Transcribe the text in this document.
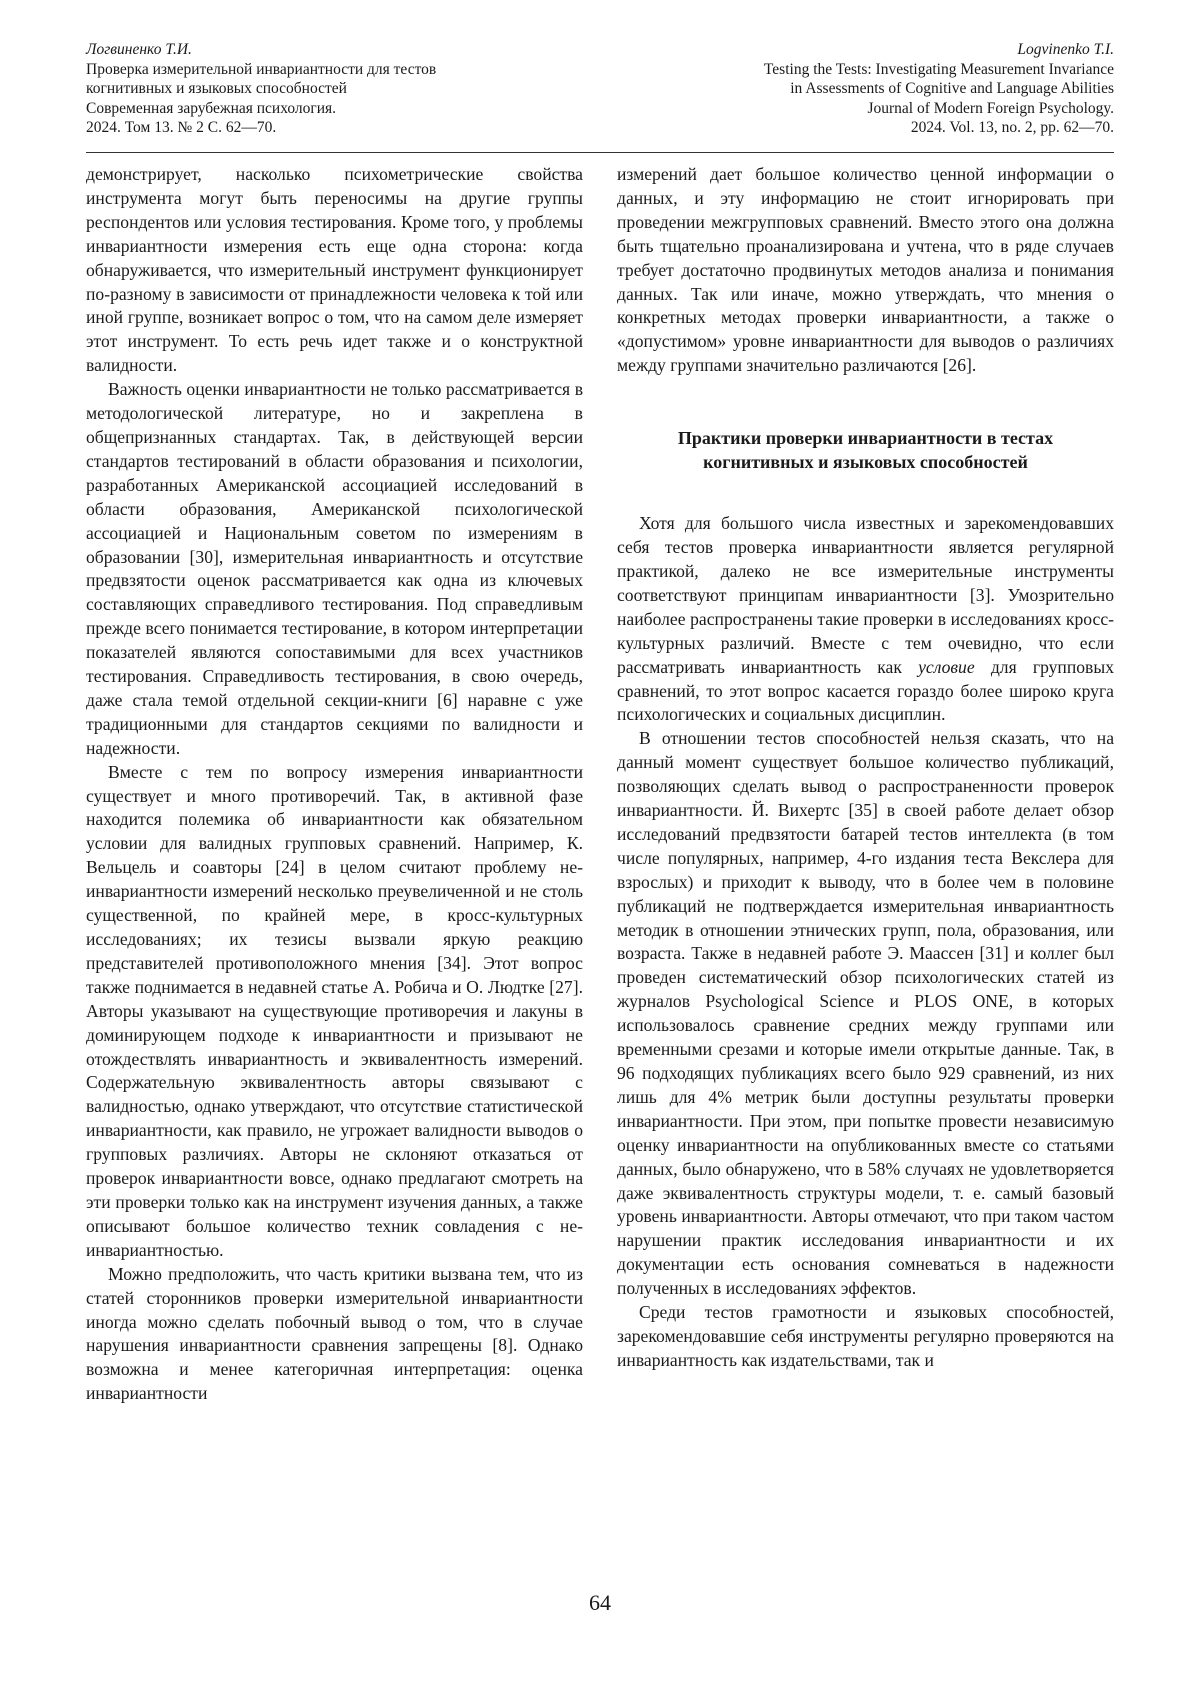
Логвиненко Т.И.
Проверка измерительной инвариантности для тестов
когнитивных и языковых способностей
Современная зарубежная психология.
2024. Том 13. № 2 С. 62—70.
Logvinenko T.I.
Testing the Tests: Investigating Measurement Invariance
in Assessments of Cognitive and Language Abilities
Journal of Modern Foreign Psychology.
2024. Vol. 13, no. 2, pp. 62—70.

демонстрирует, насколько психометрические свойства инструмента могут быть переносимы на другие группы респондентов или условия тестирования. Кроме того, у проблемы инвариантности измерения есть еще одна сторона: когда обнаруживается, что измерительный инструмент функционирует по-разному в зависимости от принадлежности человека к той или иной группе, возникает вопрос о том, что на самом деле измеряет этот инструмент. То есть речь идет также и о конструктной валидности.

Важность оценки инвариантности не только рассматривается в методологической литературе, но и закреплена в общепризнанных стандартах. Так, в действующей версии стандартов тестирований в области образования и психологии, разработанных Американской ассоциацией исследований в области образования, Американской психологической ассоциацией и Национальным советом по измерениям в образовании [30], измерительная инвариантность и отсутствие предвзятости оценок рассматривается как одна из ключевых составляющих справедливого тестирования. Под справедливым прежде всего понимается тестирование, в котором интерпретации показателей являются сопоставимыми для всех участников тестирования. Справедливость тестирования, в свою очередь, даже стала темой отдельной секции-книги [6] наравне с уже традиционными для стандартов секциями по валидности и надежности.

Вместе с тем по вопросу измерения инвариантности существует и много противоречий. Так, в активной фазе находится полемика об инвариантности как обязательном условии для валидных групповых сравнений. Например, К. Вельцель и соавторы [24] в целом считают проблему не-инвариантности измерений несколько преувеличенной и не столь существенной, по крайней мере, в кросс-культурных исследованиях; их тезисы вызвали яркую реакцию представителей противоположного мнения [34]. Этот вопрос также поднимается в недавней статье А. Робича и О. Людтке [27]. Авторы указывают на существующие противоречия и лакуны в доминирующем подходе к инвариантности и призывают не отождествлять инвариантность и эквивалентность измерений. Содержательную эквивалентность авторы связывают с валидностью, однако утверждают, что отсутствие статистической инвариантности, как правило, не угрожает валидности выводов о групповых различиях. Авторы не склоняют отказаться от проверок инвариантности вовсе, однако предлагают смотреть на эти проверки только как на инструмент изучения данных, а также описывают большое количество техник совладения с не-инвариантностью.

Можно предположить, что часть критики вызвана тем, что из статей сторонников проверки измерительной инвариантности иногда можно сделать побочный вывод о том, что в случае нарушения инвариантности сравнения запрещены [8]. Однако возможна и менее категоричная интерпретация: оценка инвариантности

измерений дает большое количество ценной информации о данных, и эту информацию не стоит игнорировать при проведении межгрупповых сравнений. Вместо этого она должна быть тщательно проанализирована и учтена, что в ряде случаев требует достаточно продвинутых методов анализа и понимания данных. Так или иначе, можно утверждать, что мнения о конкретных методах проверки инвариантности, а также о «допустимом» уровне инвариантности для выводов о различиях между группами значительно различаются [26].

Практики проверки инвариантности в тестах
когнитивных и языковых способностей

Хотя для большого числа известных и зарекомендовавших себя тестов проверка инвариантности является регулярной практикой, далеко не все измерительные инструменты соответствуют принципам инвариантности [3]. Умозрительно наиболее распространены такие проверки в исследованиях кросс-культурных различий. Вместе с тем очевидно, что если рассматривать инвариантность как условие для групповых сравнений, то этот вопрос касается гораздо более широко круга психологических и социальных дисциплин.

В отношении тестов способностей нельзя сказать, что на данный момент существует большое количество публикаций, позволяющих сделать вывод о распространенности проверок инвариантности. Й. Вихертс [35] в своей работе делает обзор исследований предвзятости батарей тестов интеллекта (в том числе популярных, например, 4-го издания теста Векслера для взрослых) и приходит к выводу, что в более чем в половине публикаций не подтверждается измерительная инвариантность методик в отношении этнических групп, пола, образования, или возраста. Также в недавней работе Э. Маассен [31] и коллег был проведен систематический обзор психологических статей из журналов Psychological Science и PLOS ONE, в которых использовалось сравнение средних между группами или временными срезами и которые имели открытые данные. Так, в 96 подходящих публикациях всего было 929 сравнений, из них лишь для 4% метрик были доступны результаты проверки инвариантности. При этом, при попытке провести независимую оценку инвариантности на опубликованных вместе со статьями данных, было обнаружено, что в 58% случаях не удовлетворяется даже эквивалентность структуры модели, т. е. самый базовый уровень инвариантности. Авторы отмечают, что при таком частом нарушении практик исследования инвариантности и их документации есть основания сомневаться в надежности полученных в исследованиях эффектов.

Среди тестов грамотности и языковых способностей, зарекомендовавшие себя инструменты регулярно проверяются на инвариантность как издательствами, так и

64
